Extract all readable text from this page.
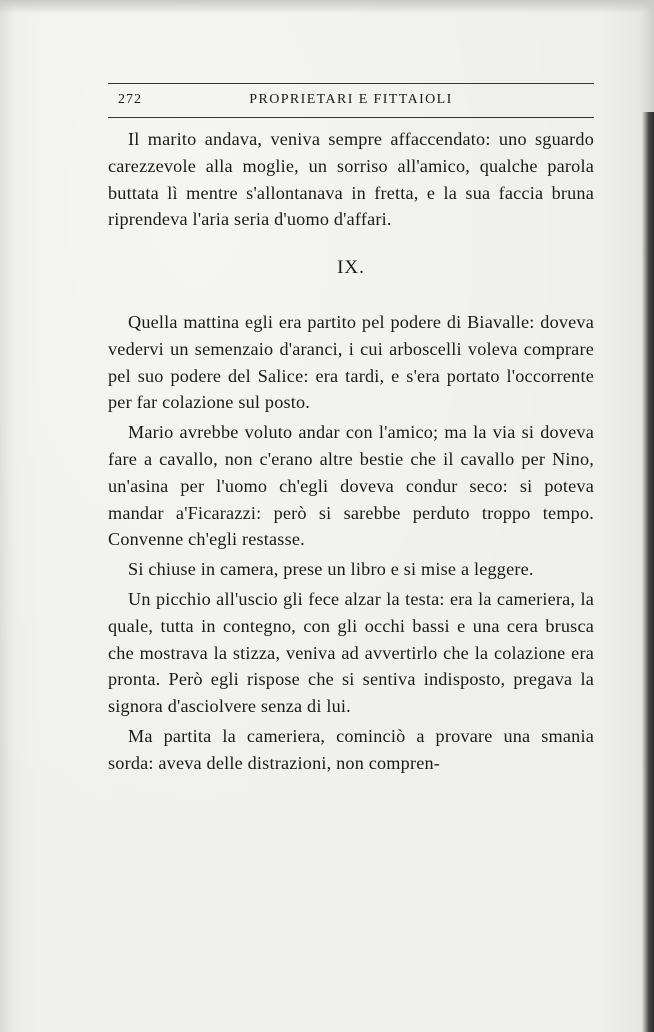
272	PROPRIETARI E FITTAIOLI

Il marito andava, veniva sempre affaccendato: uno sguardo carezzevole alla moglie, un sorriso all'amico, qualche parola buttata lì mentre s'allontanava in fretta, e la sua faccia bruna riprendeva l'aria seria d'uomo d'affari.

IX.

Quella mattina egli era partito pel podere di Biavalle: doveva vedervi un semenzaio d'aranci, i cui arboscelli voleva comprare pel suo podere del Salice: era tardi, e s'era portato l'occorrente per far colazione sul posto.

Mario avrebbe voluto andar con l'amico; ma la via si doveva fare a cavallo, non c'erano altre bestie che il cavallo per Nino, un'asina per l'uomo ch'egli doveva condur seco: si poteva mandar a'Ficarazzi: però si sarebbe perduto troppo tempo. Convenne ch'egli restasse.

Si chiuse in camera, prese un libro e si mise a leggere.

Un picchio all'uscio gli fece alzar la testa: era la cameriera, la quale, tutta in contegno, con gli occhi bassi e una cera brusca che mostrava la stizza, veniva ad avvertirlo che la colazione era pronta. Però egli rispose che si sentiva indisposto, pregava la signora d'asciolvere senza di lui.

Ma partita la cameriera, cominciò a provare una smania sorda: aveva delle distrazioni, non compren-
